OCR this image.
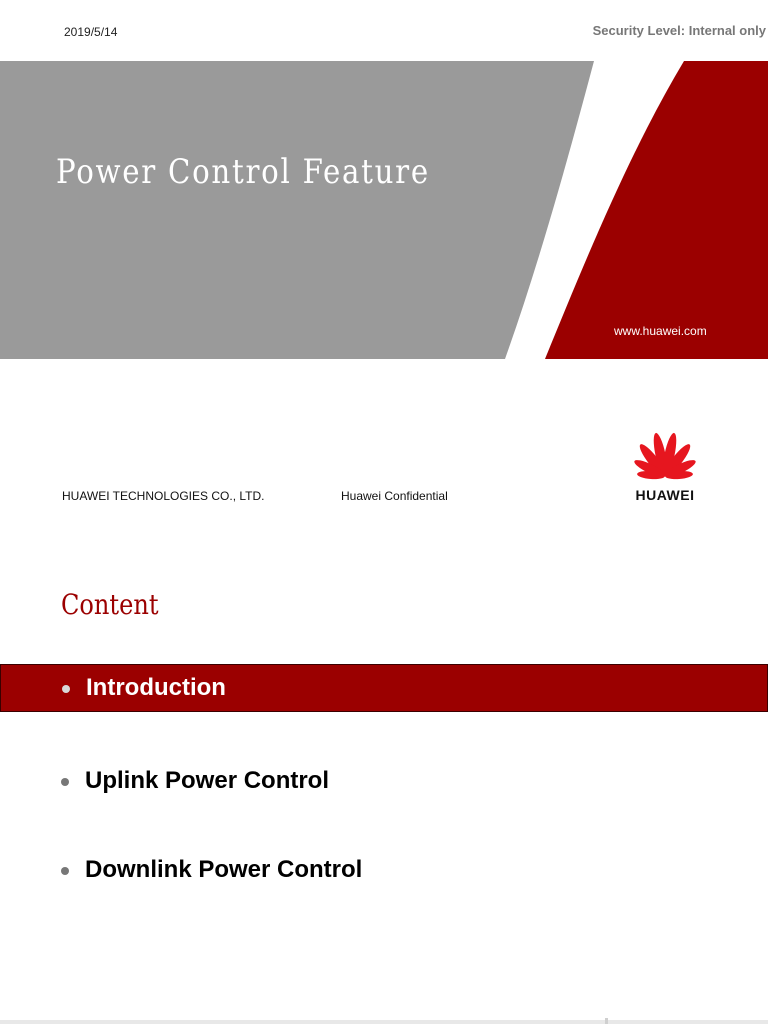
2019/5/14	Security Level: Internal only
Power Control Feature
www.huawei.com
HUAWEI TECHNOLOGIES CO., LTD.	Huawei Confidential	HUAWEI
Content
Introduction
Uplink Power Control
Downlink Power Control
